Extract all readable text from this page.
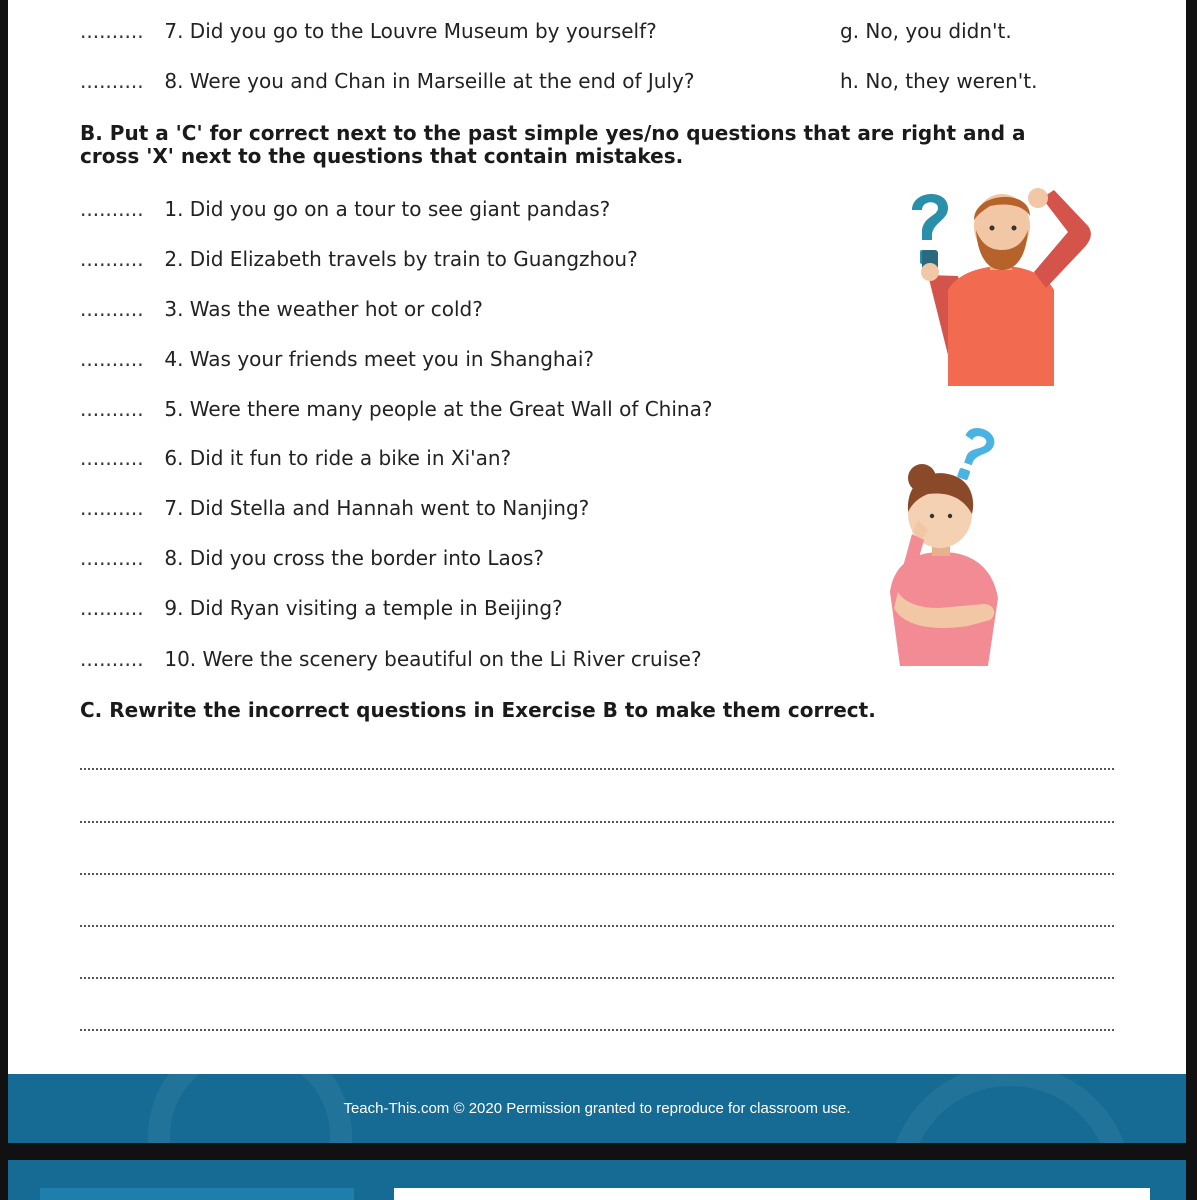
.......... 7. Did you go to the Louvre Museum by yourself?	g. No, you didn't.
.......... 8. Were you and Chan in Marseille at the end of July?	h. No, they weren't.
B. Put a 'C' for correct next to the past simple yes/no questions that are right and a
cross 'X' next to the questions that contain mistakes.
.......... 1. Did you go on a tour to see giant pandas?
.......... 2. Did Elizabeth travels by train to Guangzhou?
.......... 3. Was the weather hot or cold?
.......... 4. Was your friends meet you in Shanghai?
.......... 5. Were there many people at the Great Wall of China?
.......... 6. Did it fun to ride a bike in Xi'an?
.......... 7. Did Stella and Hannah went to Nanjing?
.......... 8. Did you cross the border into Laos?
.......... 9. Did Ryan visiting a temple in Beijing?
.......... 10. Were the scenery beautiful on the Li River cruise?
C. Rewrite the incorrect questions in Exercise B to make them correct.
Teach-This.com © 2020 Permission granted to reproduce for classroom use.
